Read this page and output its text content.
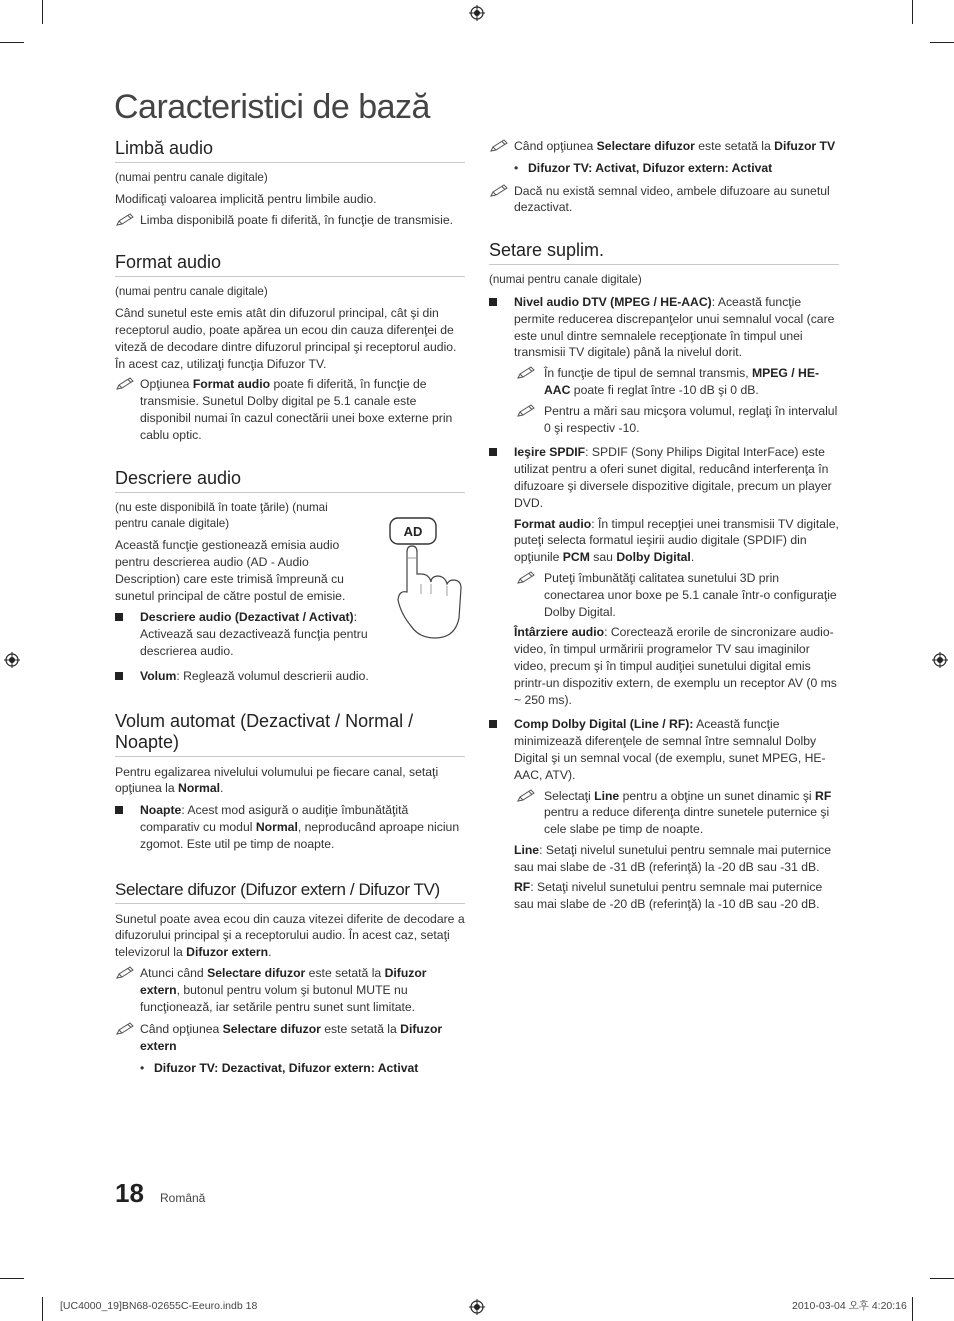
Caracteristici de bază
Limbă audio

(numai pentru canale digitale)

Modificaţi valoarea implicită pentru limbile audio.

Limba disponibilă poate fi diferită, în funcţie de transmisie.
Format audio

(numai pentru canale digitale)

Când sunetul este emis atât din difuzorul principal, cât şi din receptorul audio, poate apărea un ecou din cauza diferenţei de viteză de decodare dintre difuzorul principal şi receptorul audio. În acest caz, utilizaţi funcţia Difuzor TV.

Opţiunea Format audio poate fi diferită, în funcţie de transmisie. Sunetul Dolby digital pe 5.1 canale este disponibil numai în cazul conectării unei boxe externe prin cablu optic.
Descriere audio

(nu este disponibilă în toate ţările) (numai pentru canale digitale)

Această funcţie gestionează emisia audio pentru descrierea audio (AD - Audio Description) care este trimisă împreună cu sunetul principal de către postul de emisie.

AD
Descriere audio (Dezactivat / Activat): Activează sau dezactivează funcţia pentru descrierea audio.
Volum: Reglează volumul descrierii audio.
Volum automat (Dezactivat / Normal / Noapte)

Pentru egalizarea nivelului volumului pe fiecare canal, setaţi opţiunea la Normal.

Noapte: Acest mod asigură o audiţie îmbunătăţită comparativ cu modul Normal, neproducând aproape niciun zgomot. Este util pe timp de noapte.
Selectare difuzor (Difuzor extern / Difuzor TV)

Sunetul poate avea ecou din cauza vitezei diferite de decodare a difuzorului principal şi a receptorului audio. În acest caz, setaţi televizorul la Difuzor extern.

Atunci când Selectare difuzor este setată la Difuzor extern, butonul pentru volum şi butonul MUTE nu funcţionează, iar setările pentru sunet sunt limitate.
Când opţiunea Selectare difuzor este setată la Difuzor extern
• Difuzor TV: Dezactivat, Difuzor extern: Activat
Când opţiunea Selectare difuzor este setată la Difuzor TV
• Difuzor TV: Activat, Difuzor extern: Activat
Dacă nu există semnal video, ambele difuzoare au sunetul dezactivat.
Setare suplim.

(numai pentru canale digitale)

Nivel audio DTV (MPEG / HE-AAC): Această funcţie permite reducerea discrepanţelor unui semnalul vocal (care este unul dintre semnalele recepţionate în timpul unei transmisii TV digitale) până la nivelul dorit.
În funcţie de tipul de semnal transmis, MPEG / HE-AAC poate fi reglat între -10 dB şi 0 dB.
Pentru a mări sau micşora volumul, reglaţi în intervalul 0 şi respectiv -10.
Ieşire SPDIF: SPDIF (Sony Philips Digital InterFace) este utilizat pentru a oferi sunet digital, reducând interferenţa în difuzoare şi diversele dispozitive digitale, precum un player DVD.

Format audio: În timpul recepţiei unei transmisii TV digitale, puteţi selecta formatul ieşirii audio digitale (SPDIF) din opţiunile PCM sau Dolby Digital.

Puteţi îmbunătăţi calitatea sunetului 3D prin conectarea unor boxe pe 5.1 canale într-o configuraţie Dolby Digital.

Întârziere audio: Corectează erorile de sincronizare audio-video, în timpul urmăririi programelor TV sau imaginilor video, precum şi în timpul audiţiei sunetului digital emis printr-un dispozitiv extern, de exemplu un receptor AV (0 ms ~ 250 ms).

Comp Dolby Digital (Line / RF): Această funcţie minimizează diferenţele de semnal între semnalul Dolby Digital şi un semnal vocal (de exemplu, sunet MPEG, HE-AAC, ATV).
Selectaţi Line pentru a obţine un sunet dinamic şi RF pentru a reduce diferenţa dintre sunetele puternice şi cele slabe pe timp de noapte.

Line: Setaţi nivelul sunetului pentru semnale mai puternice sau mai slabe de -31 dB (referinţă) la -20 dB sau -31 dB.

RF: Setaţi nivelul sunetului pentru semnale mai puternice sau mai slabe de -20 dB (referinţă) la -10 dB sau -20 dB.

18 Română
[UC4000_19]BN68-02655C-Eeuro.indb 18	2010-03-04 오후 4:20:16
